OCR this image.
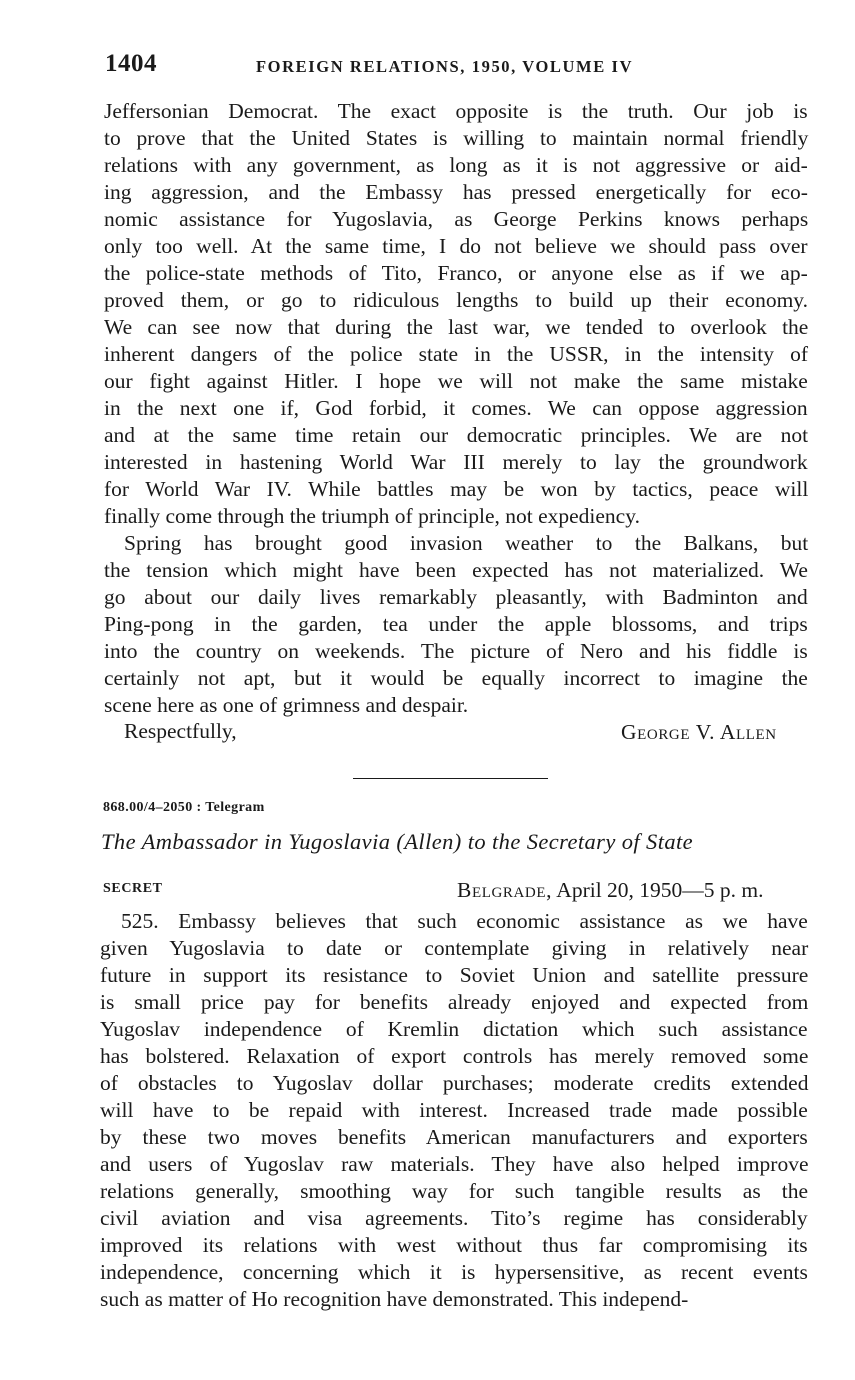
1404	FOREIGN RELATIONS, 1950, VOLUME IV
Jeffersonian Democrat. The exact opposite is the truth. Our job is
to prove that the United States is willing to maintain normal friendly
relations with any government, as long as it is not aggressive or aid-
ing aggression, and the Embassy has pressed energetically for eco-
nomic assistance for Yugoslavia, as George Perkins knows perhaps
only too well. At the same time, I do not believe we should pass over
the police-state methods of Tito, Franco, or anyone else as if we ap-
proved them, or go to ridiculous lengths to build up their economy.
We can see now that during the last war, we tended to overlook the
inherent dangers of the police state in the USSR, in the intensity of
our fight against Hitler. I hope we will not make the same mistake
in the next one if, God forbid, it comes. We can oppose aggression
and at the same time retain our democratic principles. We are not
interested in hastening World War III merely to lay the groundwork
for World War IV. While battles may be won by tactics, peace will
finally come through the triumph of principle, not expediency.
Spring has brought good invasion weather to the Balkans, but
the tension which might have been expected has not materialized. We
go about our daily lives remarkably pleasantly, with Badminton and
Ping-pong in the garden, tea under the apple blossoms, and trips
into the country on weekends. The picture of Nero and his fiddle is
certainly not apt, but it would be equally incorrect to imagine the
scene here as one of grimness and despair.
Respectfully,	George V. Allen
868.00/4–2050 : Telegram
The Ambassador in Yugoslavia (Allen) to the Secretary of State
SECRET	Belgrade, April 20, 1950—5 p. m.
525. Embassy believes that such economic assistance as we have
given Yugoslavia to date or contemplate giving in relatively near
future in support its resistance to Soviet Union and satellite pressure
is small price pay for benefits already enjoyed and expected from
Yugoslav independence of Kremlin dictation which such assistance
has bolstered. Relaxation of export controls has merely removed some
of obstacles to Yugoslav dollar purchases; moderate credits extended
will have to be repaid with interest. Increased trade made possible
by these two moves benefits American manufacturers and exporters
and users of Yugoslav raw materials. They have also helped improve
relations generally, smoothing way for such tangible results as the
civil aviation and visa agreements. Tito’s regime has considerably
improved its relations with west without thus far compromising its
independence, concerning which it is hypersensitive, as recent events
such as matter of Ho recognition have demonstrated. This independ-
